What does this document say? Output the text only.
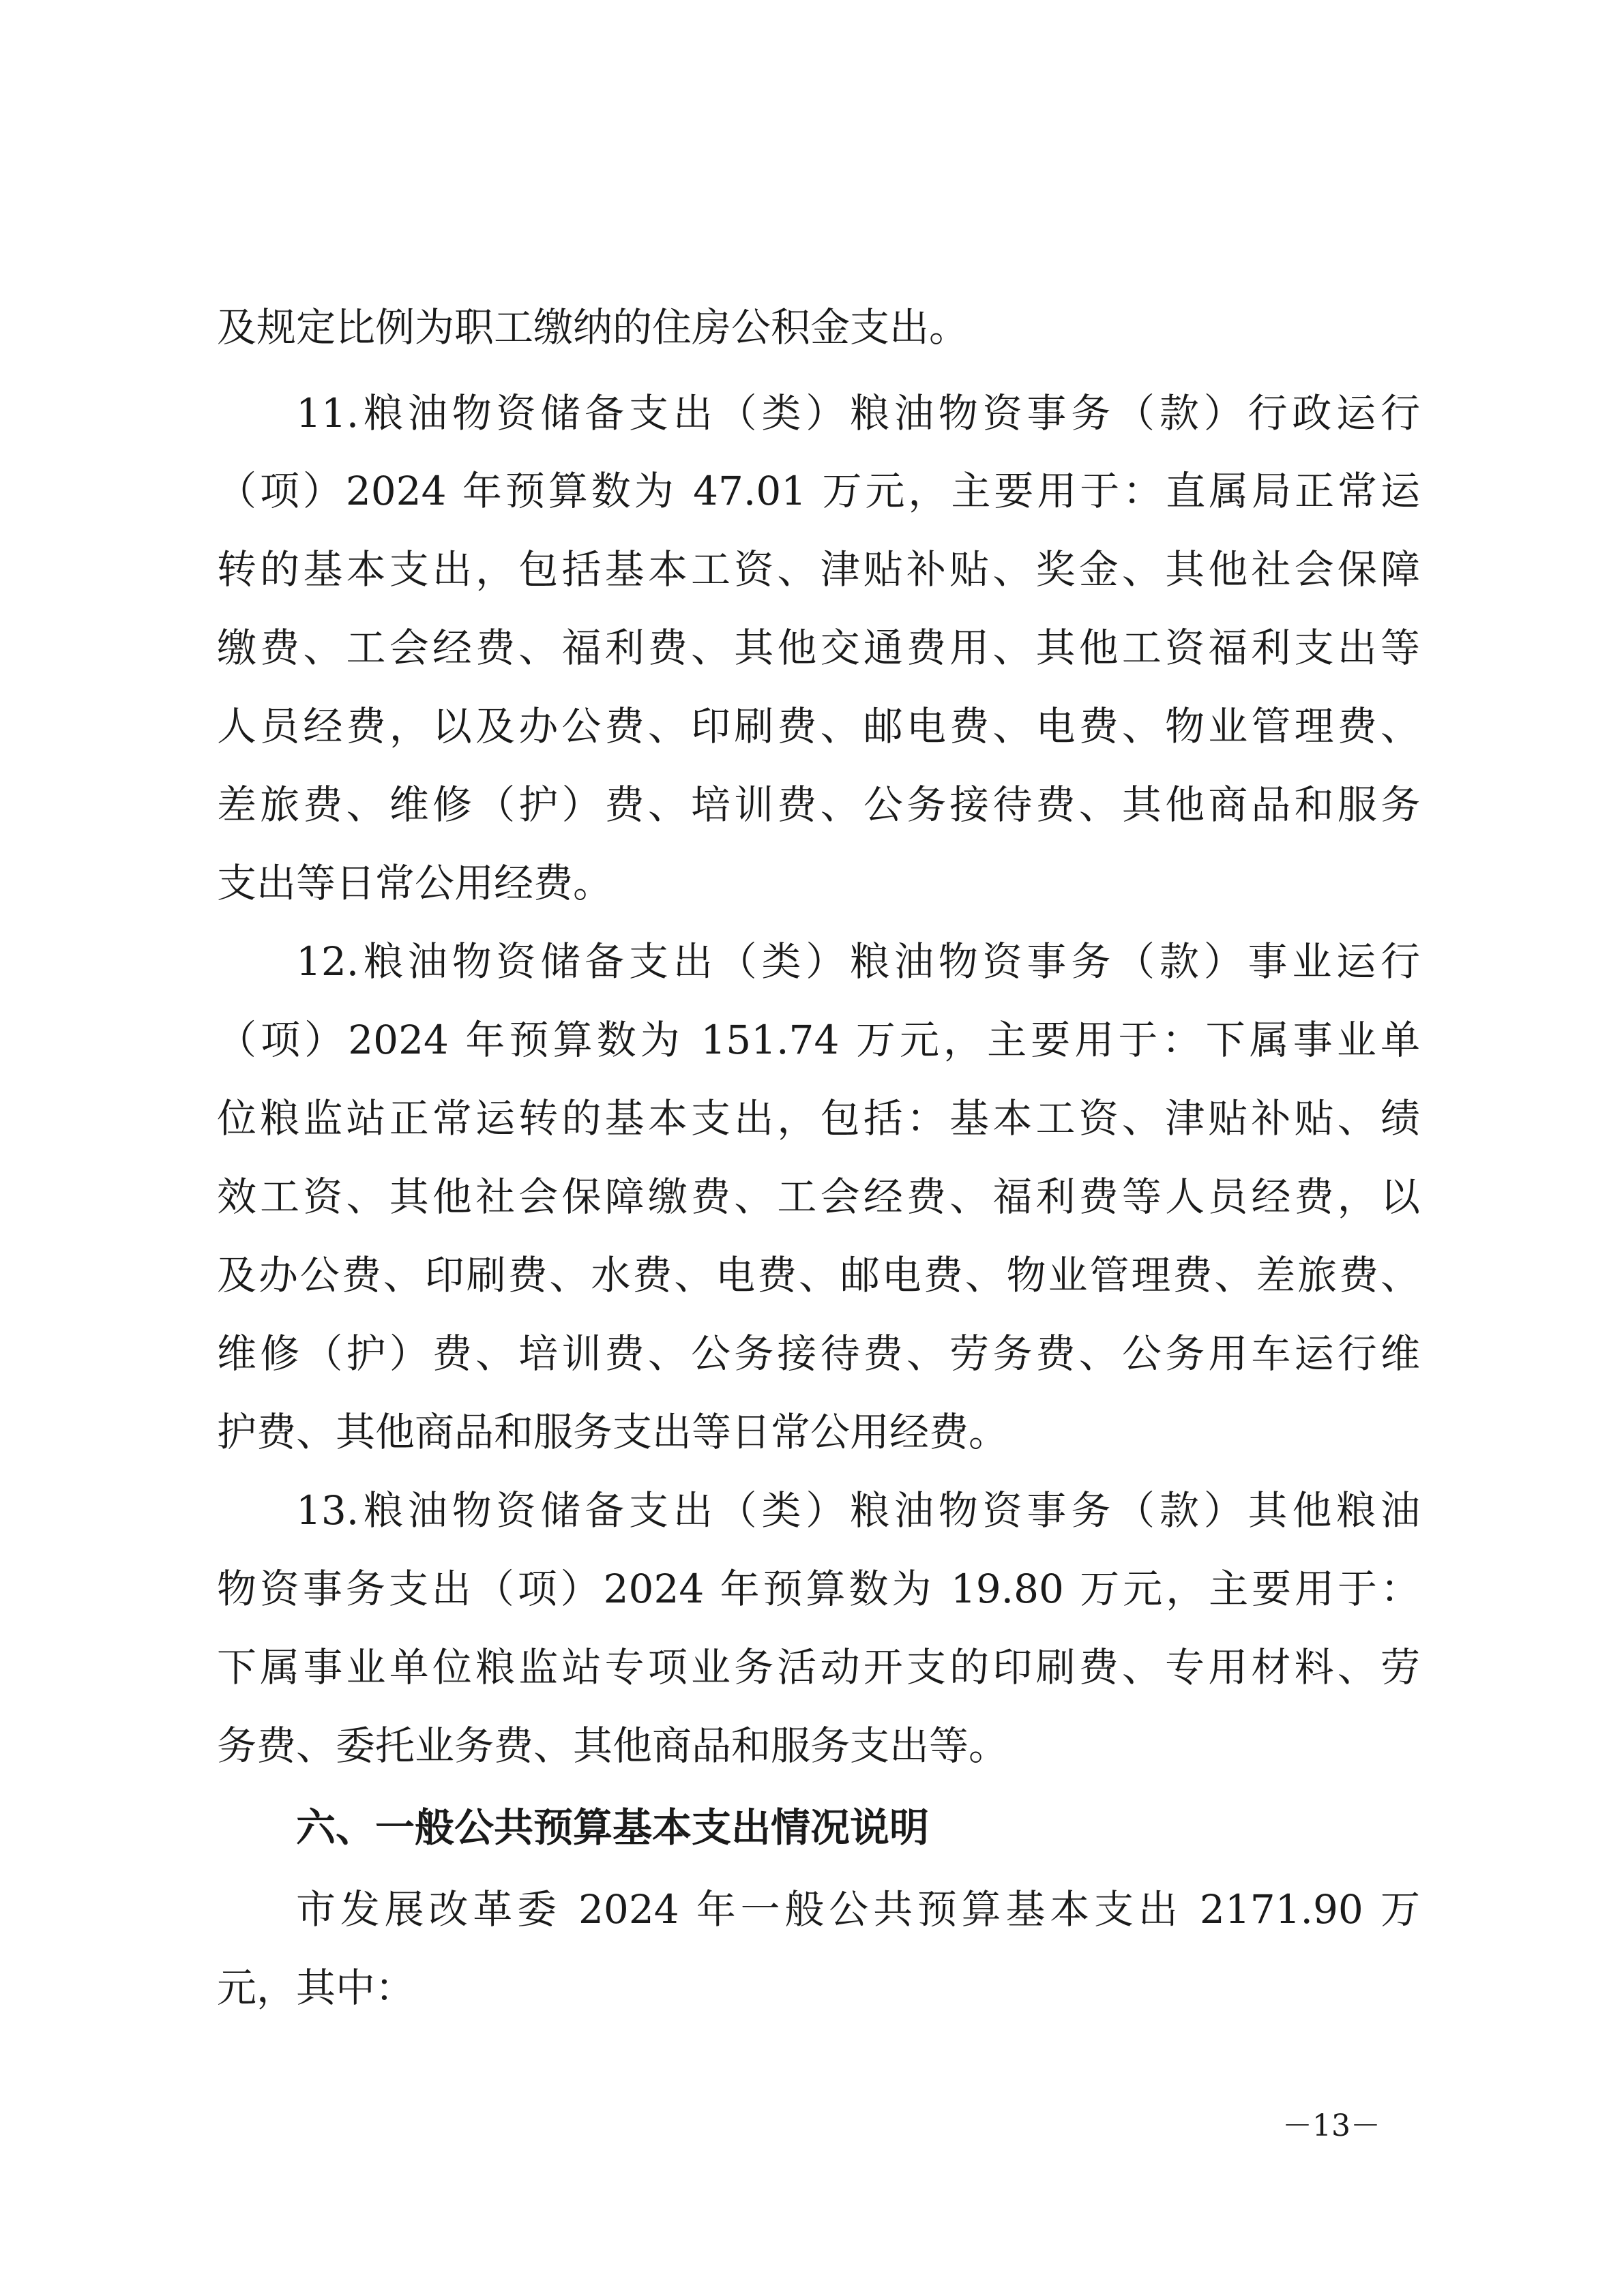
及规定比例为职工缴纳的住房公积金支出。
11.粮油物资储备支出（类）粮油物资事务（款）行政运行
（项）2024 年预算数为 47.01 万元，主要用于：直属局正常运
转的基本支出，包括基本工资、津贴补贴、奖金、其他社会保障
缴费、工会经费、福利费、其他交通费用、其他工资福利支出等
人员经费，以及办公费、印刷费、邮电费、电费、物业管理费、
差旅费、维修（护）费、培训费、公务接待费、其他商品和服务
支出等日常公用经费。
12.粮油物资储备支出（类）粮油物资事务（款）事业运行
（项）2024 年预算数为 151.74 万元，主要用于：下属事业单
位粮监站正常运转的基本支出，包括：基本工资、津贴补贴、绩
效工资、其他社会保障缴费、工会经费、福利费等人员经费，以
及办公费、印刷费、水费、电费、邮电费、物业管理费、差旅费、
维修（护）费、培训费、公务接待费、劳务费、公务用车运行维
护费、其他商品和服务支出等日常公用经费。
13.粮油物资储备支出（类）粮油物资事务（款）其他粮油
物资事务支出（项）2024 年预算数为 19.80 万元，主要用于：
下属事业单位粮监站专项业务活动开支的印刷费、专用材料、劳
务费、委托业务费、其他商品和服务支出等。
六、一般公共预算基本支出情况说明
市发展改革委 2024 年一般公共预算基本支出 2171.90 万
元，其中：
－13－
